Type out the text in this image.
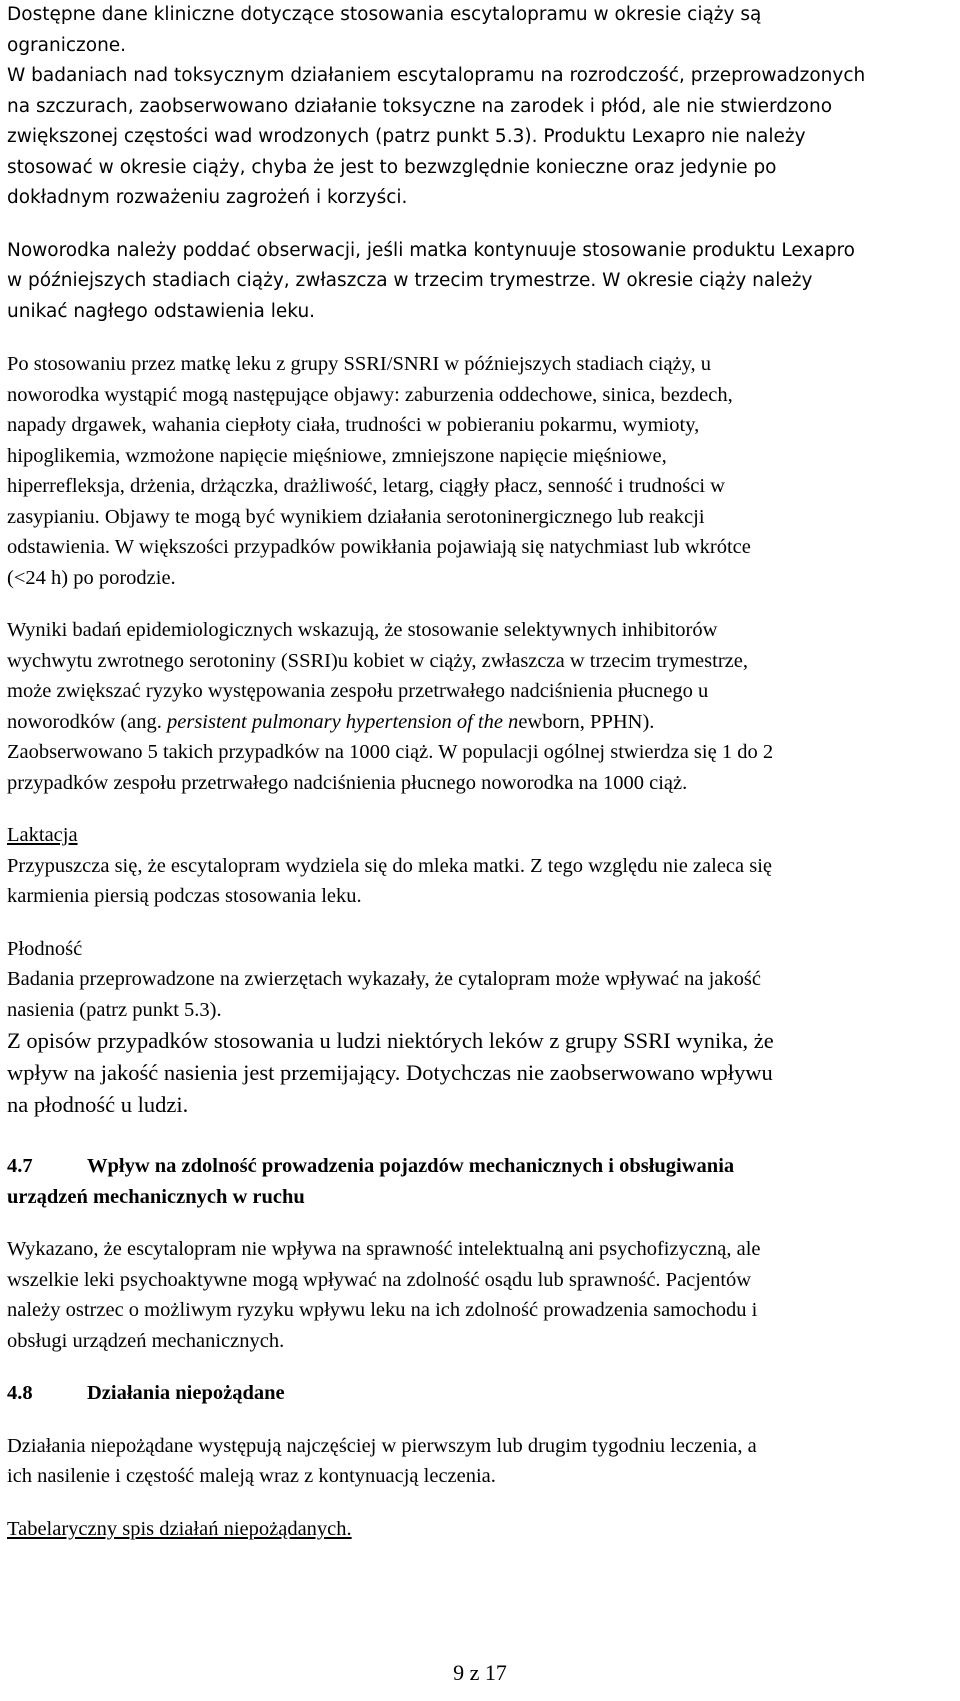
Dostępne dane kliniczne dotyczące stosowania escytalopramu w okresie ciąży są

ograniczone.

W badaniach nad toksycznym działaniem escytalopramu na rozrodczość, przeprowadzonych

na szczurach, zaobserwowano działanie toksyczne na zarodek i płód, ale nie stwierdzono

zwiększonej częstości wad wrodzonych (patrz punkt 5.3). Produktu Lexapro nie należy

stosować w okresie ciąży, chyba że jest to bezwzględnie konieczne oraz jedynie po

dokładnym rozważeniu zagrożeń i korzyści.

Noworodka należy poddać obserwacji, jeśli matka kontynuuje stosowanie produktu Lexapro

w późniejszych stadiach ciąży, zwłaszcza w trzecim trymestrze. W okresie ciąży należy

unikać nagłego odstawienia leku.

Po stosowaniu przez matkę leku z grupy SSRI/SNRI w późniejszych stadiach ciąży, u

noworodka wystąpić mogą następujące objawy: zaburzenia oddechowe, sinica, bezdech,

napady drgawek, wahania ciepłoty ciała, trudności w pobieraniu pokarmu, wymioty,

hipoglikemia, wzmożone napięcie mięśniowe, zmniejszone napięcie mięśniowe,

hiperrefleksja, drżenia, drżączka, drażliwość, letarg, ciągły płacz, senność i trudności w

zasypianiu. Objawy te mogą być wynikiem działania serotoninergicznego lub reakcji

odstawienia. W większości przypadków powikłania pojawiają się natychmiast lub wkrótce

(<24 h) po porodzie.

Wyniki badań epidemiologicznych wskazują, że stosowanie selektywnych inhibitorów

wychwytu zwrotnego serotoniny (SSRI)u kobiet w ciąży, zwłaszcza w trzecim trymestrze,

może zwiększać ryzyko występowania zespołu przetrwałego nadciśnienia płucnego u

noworodków (ang. persistent pulmonary hypertension of the newborn, PPHN).

Zaobserwowano 5 takich przypadków na 1000 ciąż. W populacji ogólnej stwierdza się 1 do 2

przypadków zespołu przetrwałego nadciśnienia płucnego noworodka na 1000 ciąż.

Laktacja

Przypuszcza się, że escytalopram wydziela się do mleka matki. Z tego względu nie zaleca się

karmienia piersią podczas stosowania leku.

Płodność

Badania przeprowadzone na zwierzętach wykazały, że cytalopram może wpływać na jakość

nasienia (patrz punkt 5.3).

Z opisów przypadków stosowania u ludzi niektórych leków z grupy SSRI wynika, że

wpływ na jakość nasienia jest przemijający. Dotychczas nie zaobserwowano wpływu

na płodność u ludzi.

4.7	Wpływ na zdolność prowadzenia pojazdów mechanicznych i obsługiwania
urządzeń mechanicznych w ruchu

Wykazano, że escytalopram nie wpływa na sprawność intelektualną ani psychofizyczną, ale

wszelkie leki psychoaktywne mogą wpływać na zdolność osądu lub sprawność. Pacjentów

należy ostrzec o możliwym ryzyku wpływu leku na ich zdolność prowadzenia samochodu i

obsługi urządzeń mechanicznych.

4.8	Działania niepożądane

Działania niepożądane występują najczęściej w pierwszym lub drugim tygodniu leczenia, a

ich nasilenie i częstość maleją wraz z kontynuacją leczenia.

Tabelaryczny spis działań niepożądanych.

9 z 17
